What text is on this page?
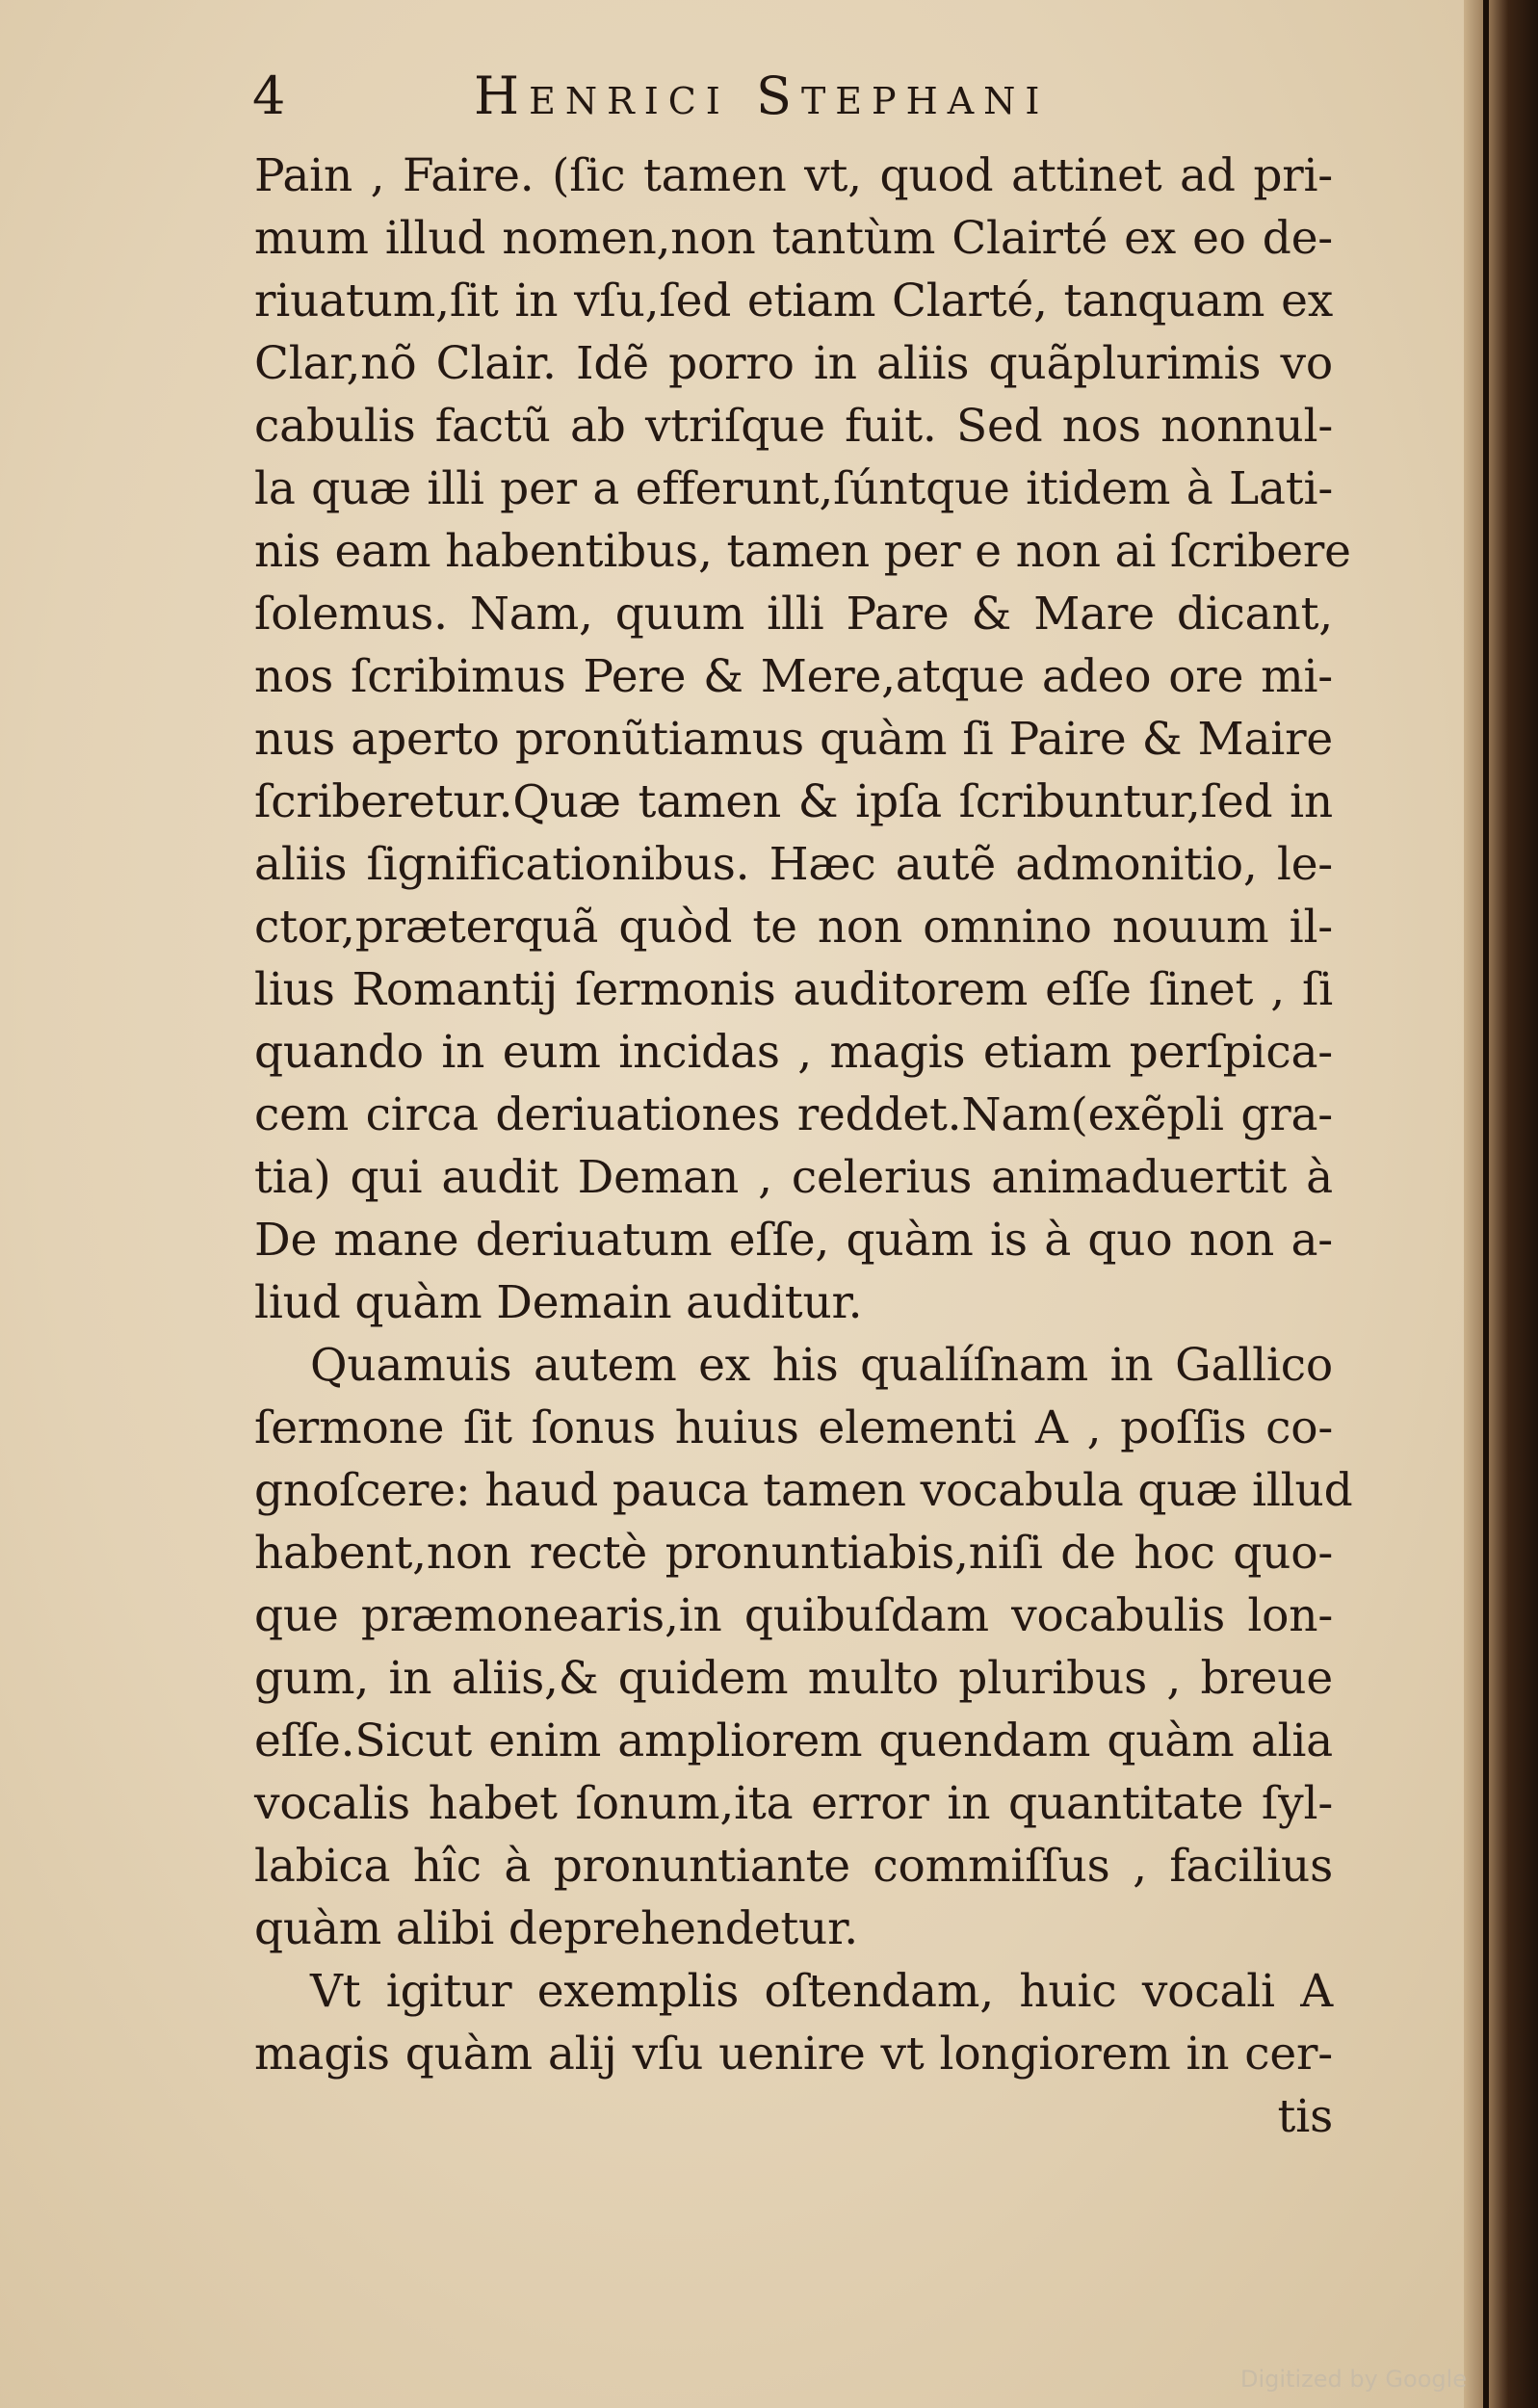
4	Henrici Stephani
Pain , Faire. (ſic tamen vt, quod attinet ad pri-
mum illud nomen,non tantùm Clairté ex eo de-
riuatum,ſit in vſu,ſed etiam Clarté, tanquam ex
Clar,nõ Clair. Idẽ porro in aliis quãplurimis vo
cabulis factũ ab vtriſque fuit. Sed nos nonnul-
la quæ illi per a efferunt,ſúntque itidem à Lati-
nis eam habentibus, tamen per e non ai ſcribere
ſolemus. Nam, quum illi Pare & Mare dicant,
nos ſcribimus Pere & Mere,atque adeo ore mi-
nus aperto pronũtiamus quàm ſi Paire & Maire
ſcriberetur.Quæ tamen & ipſa ſcribuntur,ſed in
aliis ſignificationibus. Hæc autẽ admonitio, le-
ctor,præterquã quòd te non omnino nouum il-
lius Romantij ſermonis auditorem eſſe ſinet , ſi
quando in eum incidas , magis etiam perſpica-
cem circa deriuationes reddet.Nam(exẽpli gra-
tia) qui audit Deman , celerius animaduertit à
De mane deriuatum eſſe, quàm is à quo non a-
liud quàm Demain auditur.
Quamuis autem ex his qualíſnam in Gallico
ſermone ſit ſonus huius elementi A , poſſis co-
gnoſcere: haud pauca tamen vocabula quæ illud
habent,non rectè pronuntiabis,niſi de hoc quo-
que præmonearis,in quibuſdam vocabulis lon-
gum, in aliis,& quidem multo pluribus , breue
eſſe.Sicut enim ampliorem quendam quàm alia
vocalis habet ſonum,ita error in quantitate ſyl-
labica hîc à pronuntiante commiſſus , facilius
quàm alibi deprehendetur.
Vt igitur exemplis oſtendam, huic vocali A
magis quàm alij vſu uenire vt longiorem in cer-
tis
Digitized by Google
